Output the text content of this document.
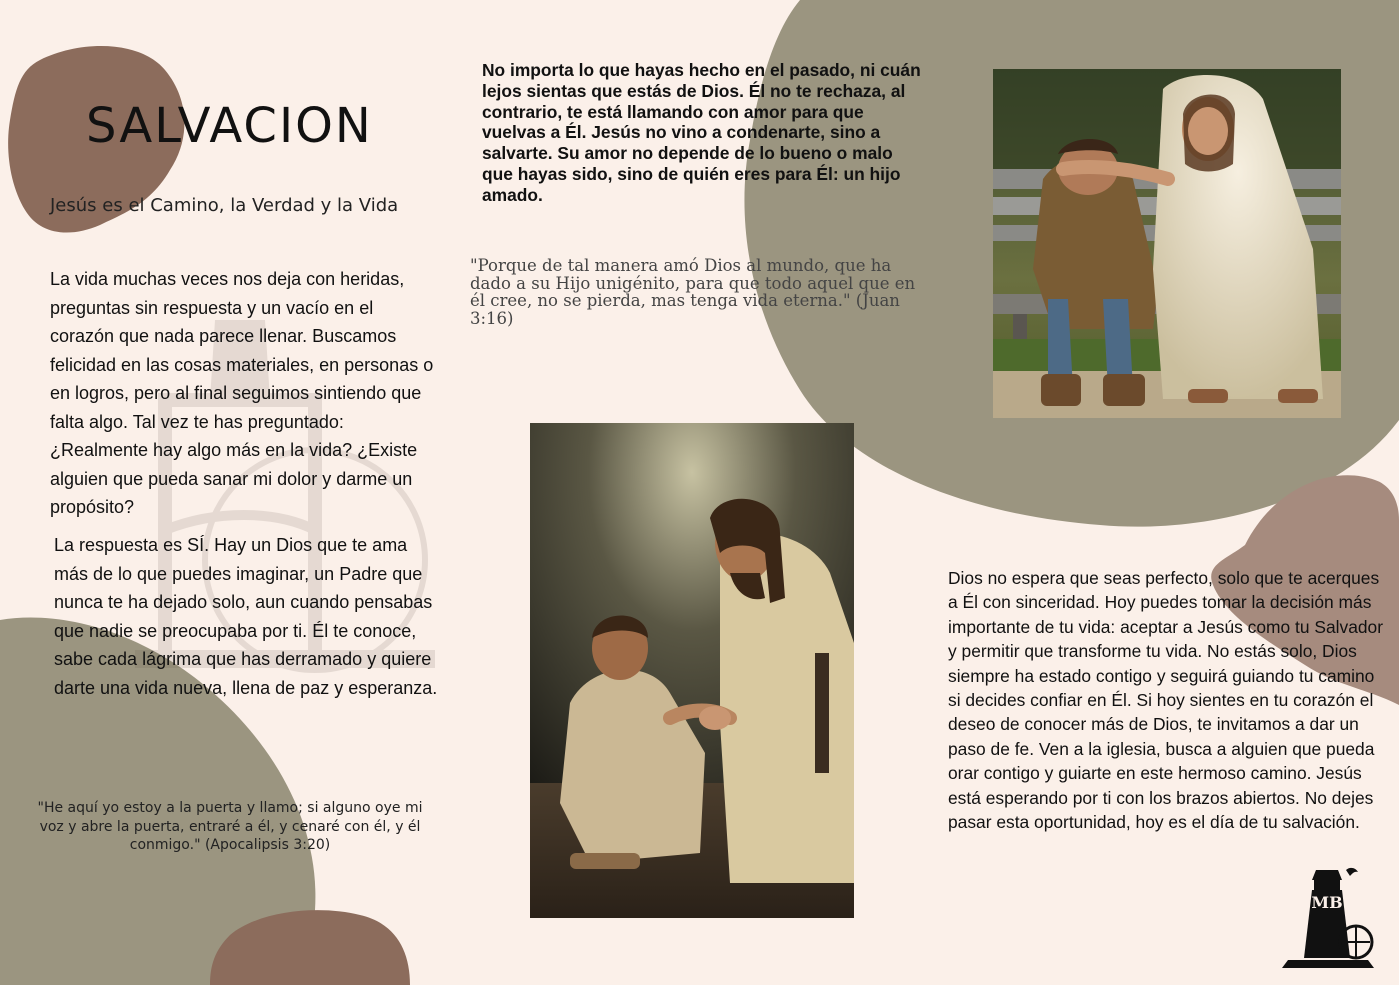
SALVACION
Jesús es el Camino, la Verdad y la Vida
La vida muchas veces nos deja con heridas, preguntas sin respuesta y un vacío en el corazón que nada parece llenar. Buscamos felicidad en las cosas materiales, en personas o en logros, pero al final seguimos sintiendo que falta algo. Tal vez te has preguntado: ¿Realmente hay algo más en la vida? ¿Existe alguien que pueda sanar mi dolor y darme un propósito?
La respuesta es SÍ. Hay un Dios que te ama más de lo que puedes imaginar, un Padre que nunca te ha dejado solo, aun cuando pensabas que nadie se preocupaba por ti. Él te conoce, sabe cada lágrima que has derramado y quiere darte una vida nueva, llena de paz y esperanza.
"He aquí yo estoy a la puerta y llamo; si alguno oye mi voz y abre la puerta, entraré a él, y cenaré con él, y él conmigo." (Apocalipsis 3:20)
No importa lo que hayas hecho en el pasado, ni cuán lejos sientas que estás de Dios. Él no te rechaza, al contrario, te está llamando con amor para que vuelvas a Él. Jesús no vino a condenarte, sino a salvarte. Su amor no depende de lo bueno o malo que hayas sido, sino de quién eres para Él: un hijo amado.
"Porque de tal manera amó Dios al mundo, que ha dado a su Hijo unigénito, para que todo aquel que en él cree, no se pierda, mas tenga vida eterna." (Juan 3:16)
Dios no espera que seas perfecto, solo que te acerques a Él con sinceridad. Hoy puedes tomar la decisión más importante de tu vida: aceptar a Jesús como tu Salvador y permitir que transforme tu vida. No estás solo, Dios siempre ha estado contigo y seguirá guiando tu camino si decides confiar en Él. Si hoy sientes en tu corazón el deseo de conocer más de Dios, te invitamos a dar un paso de fe. Ven a la iglesia, busca a alguien que pueda orar contigo y guiarte en este hermoso camino. Jesús está esperando por ti con los brazos abiertos. No dejes pasar esta oportunidad, hoy es el día de tu salvación.
MB
